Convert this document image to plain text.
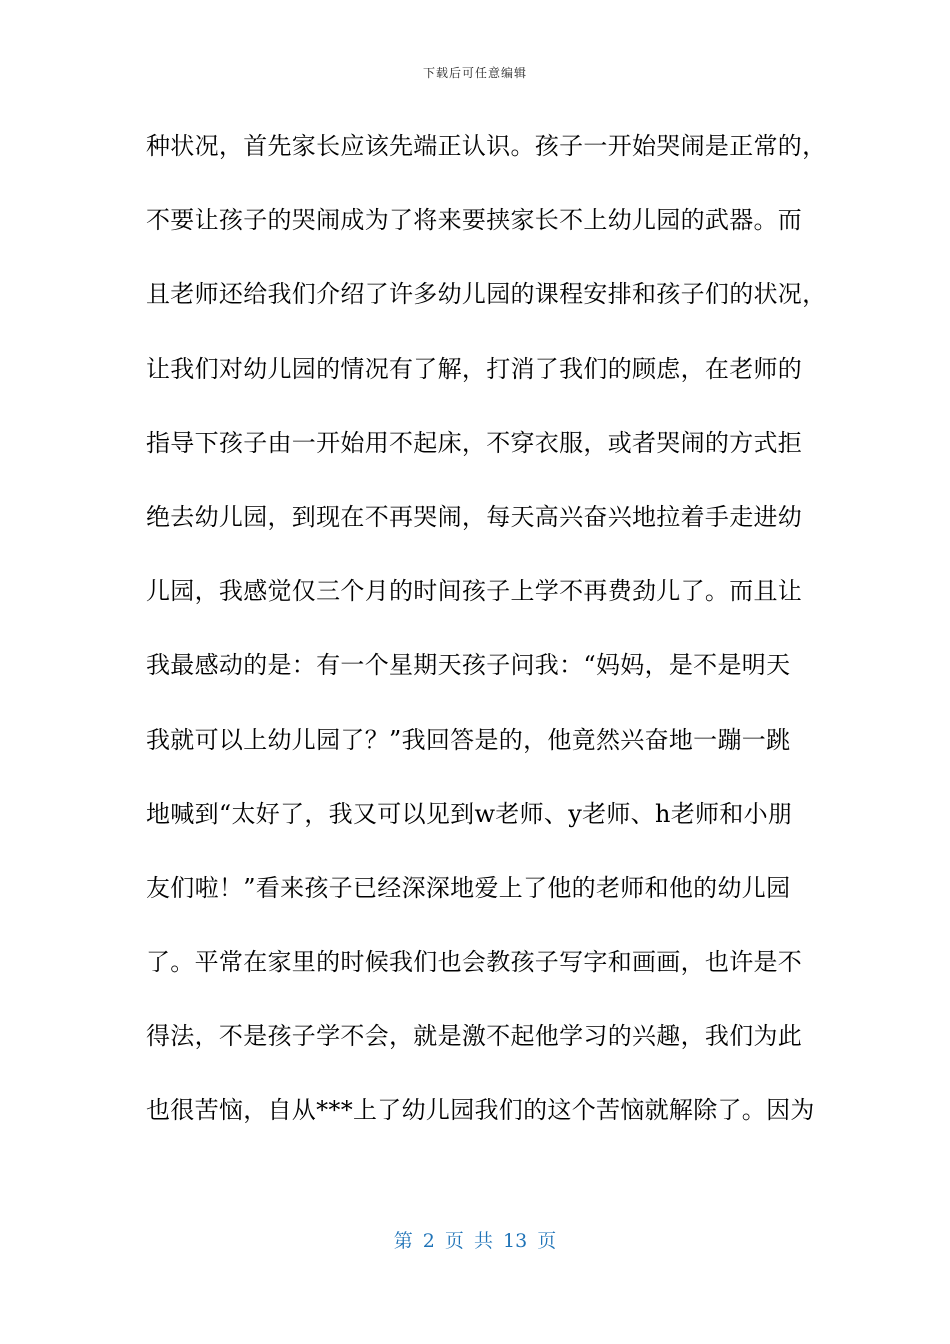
下载后可任意编辑
种状况，首先家长应该先端正认识。孩子一开始哭闹是正常的，
不要让孩子的哭闹成为了将来要挟家长不上幼儿园的武器。而
且老师还给我们介绍了许多幼儿园的课程安排和孩子们的状况，
让我们对幼儿园的情况有了解，打消了我们的顾虑，在老师的
指导下孩子由一开始用不起床，不穿衣服，或者哭闹的方式拒
绝去幼儿园，到现在不再哭闹，每天高兴奋兴地拉着手走进幼
儿园，我感觉仅三个月的时间孩子上学不再费劲儿了。而且让
我最感动的是：有一个星期天孩子问我：“妈妈，是不是明天
我就可以上幼儿园了？”我回答是的，他竟然兴奋地一蹦一跳
地喊到“太好了，我又可以见到w老师、y老师、h老师和小朋
友们啦！”看来孩子已经深深地爱上了他的老师和他的幼儿园
了。平常在家里的时候我们也会教孩子写字和画画，也许是不
得法，不是孩子学不会，就是激不起他学习的兴趣，我们为此
也很苦恼，自从***上了幼儿园我们的这个苦恼就解除了。因为
第 2 页 共 13 页
